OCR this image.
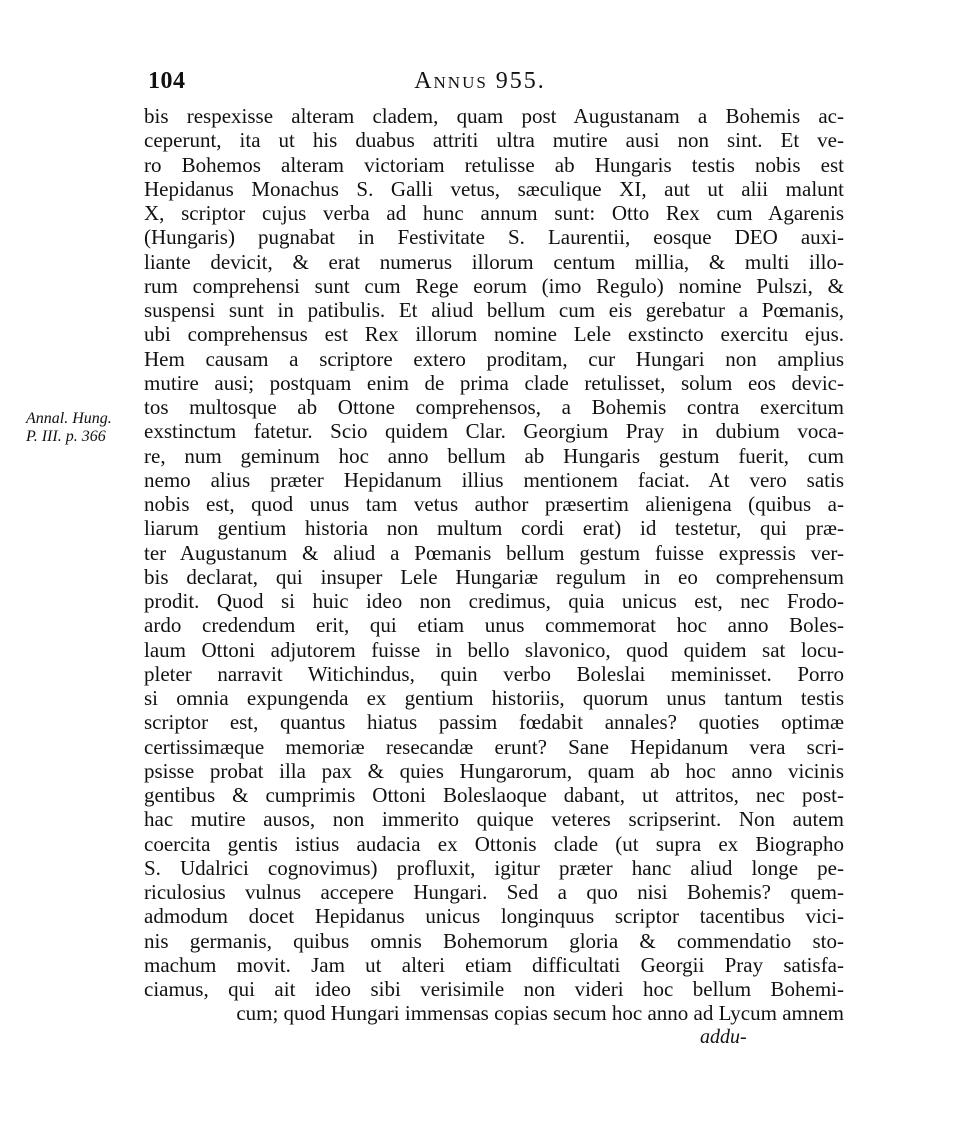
104	Annus 955.
Annal. Hung.
P. III. p. 366
bis respexisse alteram cladem, quam post Augustanam a Bohemis ac-
ceperunt, ita ut his duabus attriti ultra mutire ausi non sint. Et ve-
ro Bohemos alteram victoriam retulisse ab Hungaris testis nobis est
Hepidanus Monachus S. Galli vetus, sæculique XI, aut ut alii malunt
X, scriptor cujus verba ad hunc annum sunt: Otto Rex cum Agarenis
(Hungaris) pugnabat in Festivitate S. Laurentii, eosque DEO auxi-
liante devicit, & erat numerus illorum centum millia, & multi illo-
rum comprehensi sunt cum Rege eorum (imo Regulo) nomine Pulszi, &
suspensi sunt in patibulis. Et aliud bellum cum eis gerebatur a Pœmanis,
ubi comprehensus est Rex illorum nomine Lele exstincto exercitu ejus.
Hem causam a scriptore extero proditam, cur Hungari non amplius
mutire ausi; postquam enim de prima clade retulisset, solum eos devic-
tos multosque ab Ottone comprehensos, a Bohemis contra exercitum
exstinctum fatetur. Scio quidem Clar. Georgium Pray in dubium voca-
re, num geminum hoc anno bellum ab Hungaris gestum fuerit, cum
nemo alius præter Hepidanum illius mentionem faciat. At vero satis
nobis est, quod unus tam vetus author præsertim alienigena (quibus a-
liarum gentium historia non multum cordi erat) id testetur, qui præ-
ter Augustanum & aliud a Pœmanis bellum gestum fuisse expressis ver-
bis declarat, qui insuper Lele Hungariæ regulum in eo comprehensum
prodit. Quod si huic ideo non credimus, quia unicus est, nec Frodo-
ardo credendum erit, qui etiam unus commemorat hoc anno Boles-
laum Ottoni adjutorem fuisse in bello slavonico, quod quidem sat locu-
pleter narravit Witichindus, quin verbo Boleslai meminisset. Porro
si omnia expungenda ex gentium historiis, quorum unus tantum testis
scriptor est, quantus hiatus passim fœdabit annales? quoties optimæ
certissimæque memoriæ resecandæ erunt? Sane Hepidanum vera scri-
psisse probat illa pax & quies Hungarorum, quam ab hoc anno vicinis
gentibus & cumprimis Ottoni Boleslaoque dabant, ut attritos, nec post-
hac mutire ausos, non immerito quique veteres scripserint. Non autem
coercita gentis istius audacia ex Ottonis clade (ut supra ex Biographo
S. Udalrici cognovimus) profluxit, igitur præter hanc aliud longe pe-
riculosius vulnus accepere Hungari. Sed a quo nisi Bohemis? quem-
admodum docet Hepidanus unicus longinquus scriptor tacentibus vici-
nis germanis, quibus omnis Bohemorum gloria & commendatio sto-
machum movit. Jam ut alteri etiam difficultati Georgii Pray satisfa-
ciamus, qui ait ideo sibi verisimile non videri hoc bellum Bohemi-
cum; quod Hungari immensas copias secum hoc anno ad Lycum amnem
addu-
